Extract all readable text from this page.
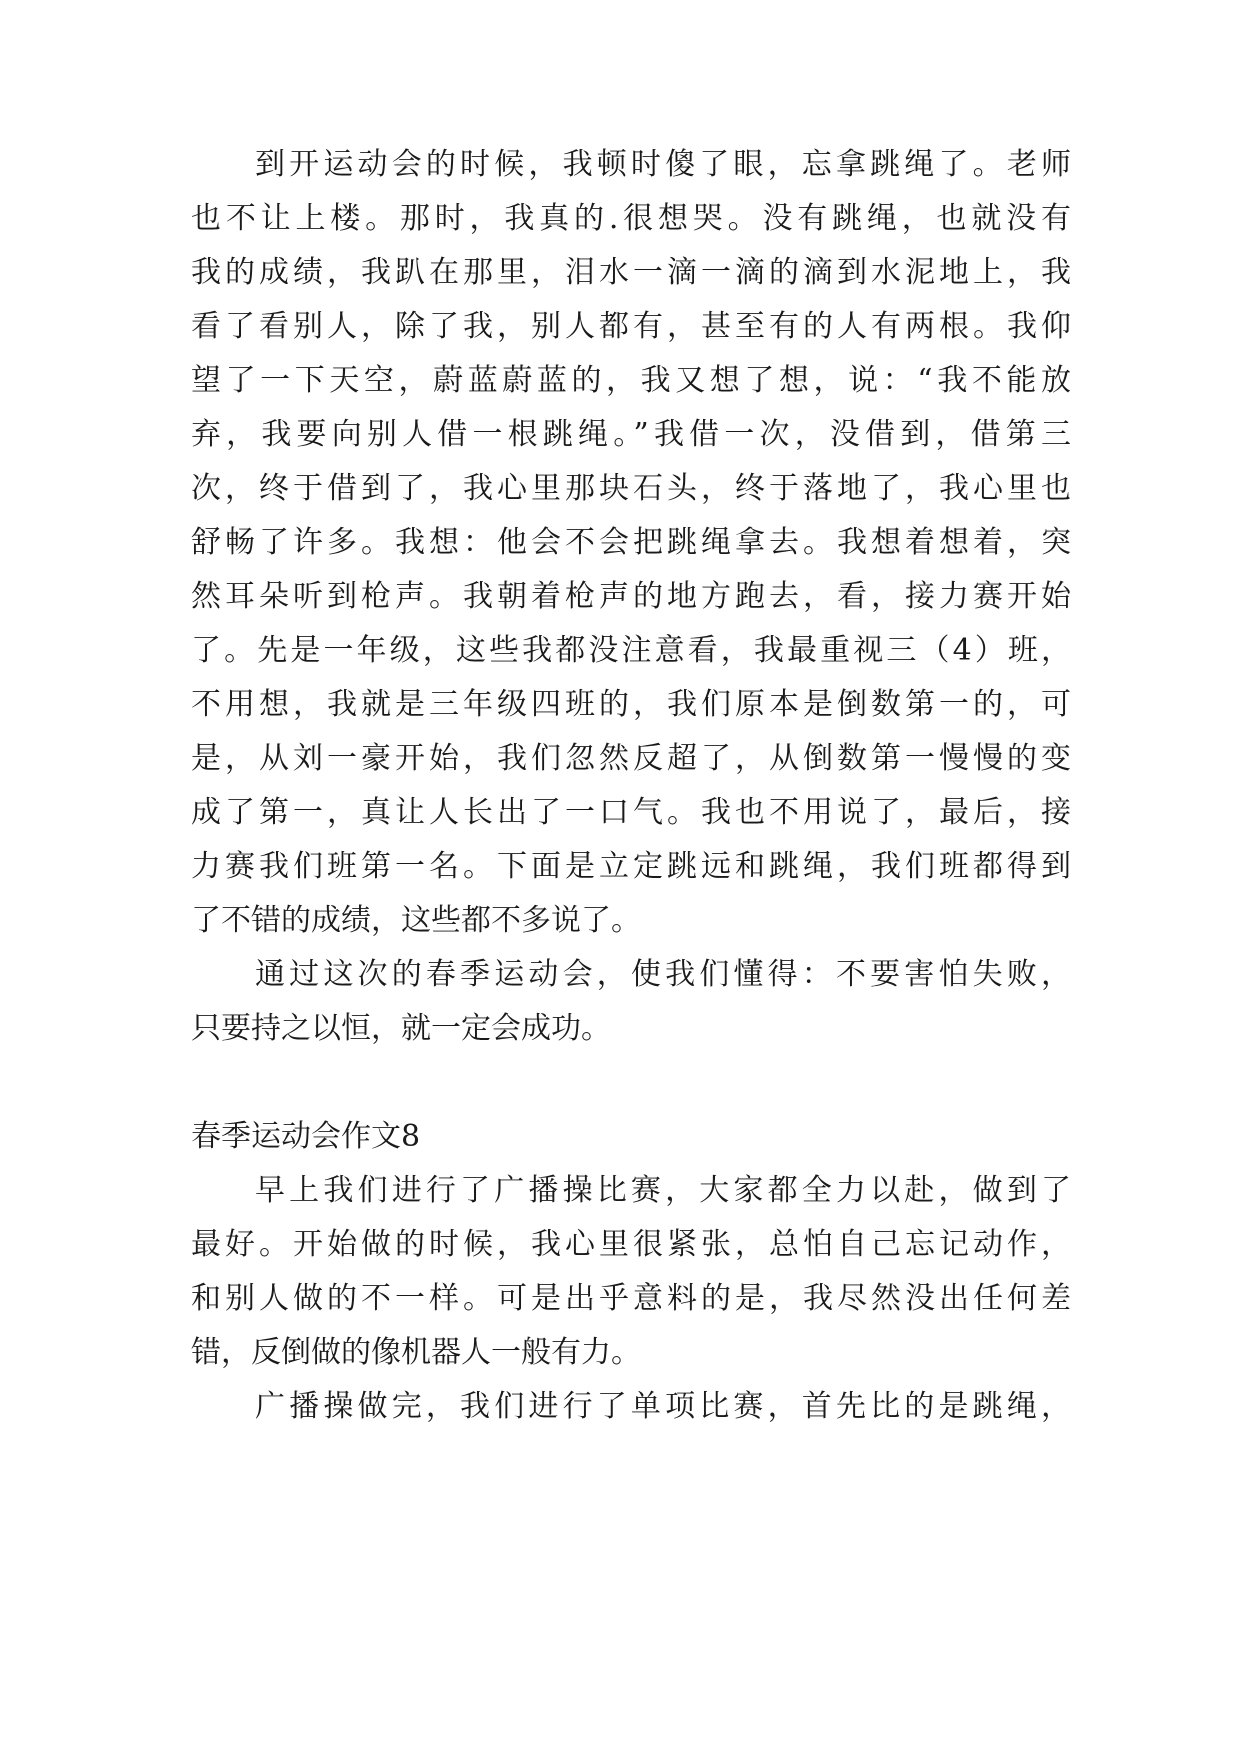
到开运动会的时候，我顿时傻了眼，忘拿跳绳了。老师
也不让上楼。那时，我真的.很想哭。没有跳绳，也就没有
我的成绩，我趴在那里，泪水一滴一滴的滴到水泥地上，我
看了看别人，除了我，别人都有，甚至有的人有两根。我仰
望了一下天空，蔚蓝蔚蓝的，我又想了想，说：“我不能放
弃，我要向别人借一根跳绳。”我借一次，没借到，借第三
次，终于借到了，我心里那块石头，终于落地了，我心里也
舒畅了许多。我想：他会不会把跳绳拿去。我想着想着，突
然耳朵听到枪声。我朝着枪声的地方跑去，看，接力赛开始
了。先是一年级，这些我都没注意看，我最重视三（4）班，
不用想，我就是三年级四班的，我们原本是倒数第一的，可
是，从刘一豪开始，我们忽然反超了，从倒数第一慢慢的变
成了第一，真让人长出了一口气。我也不用说了，最后，接
力赛我们班第一名。下面是立定跳远和跳绳，我们班都得到
了不错的成绩，这些都不多说了。
通过这次的春季运动会，使我们懂得：不要害怕失败，
只要持之以恒，就一定会成功。
春季运动会作文8
早上我们进行了广播操比赛，大家都全力以赴，做到了
最好。开始做的时候，我心里很紧张，总怕自己忘记动作，
和别人做的不一样。可是出乎意料的是，我尽然没出任何差
错，反倒做的像机器人一般有力。
广播操做完，我们进行了单项比赛，首先比的是跳绳，
